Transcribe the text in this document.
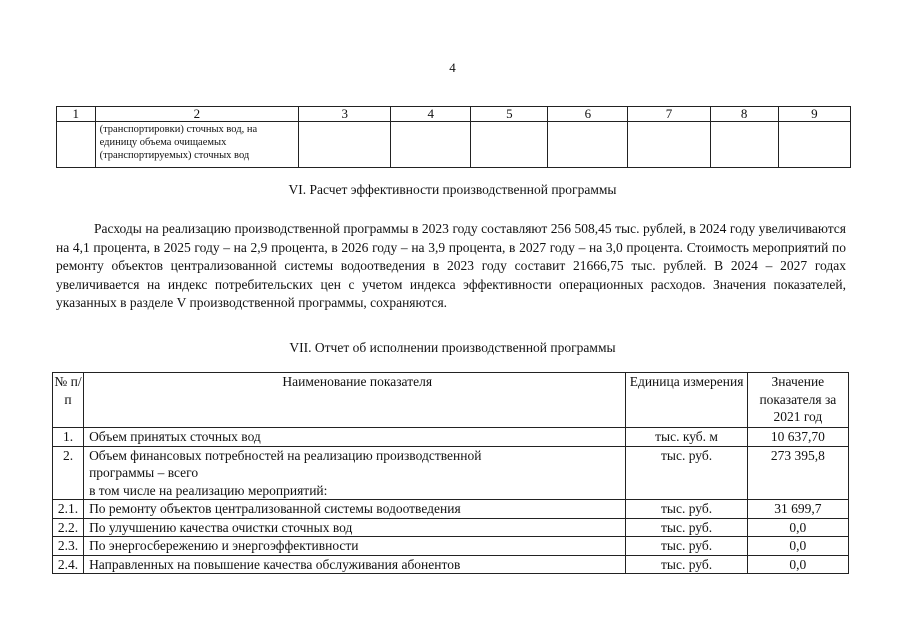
4
1	2	3	4	5	6	7	8	9

	(транспортировки) сточных вод, на
единицу объема очищаемых
(транспортируемых) сточных вод							

VI. Расчет эффективности производственной программы
Расходы на реализацию производственной программы в 2023 году составляют 256 508,45 тыс. рублей, в 2024 году увеличиваются на 4,1 процента, в 2025 году – на 2,9 процента, в 2026 году – на 3,9 процента, в 2027 году – на 3,0 процента. Стоимость мероприятий по ремонту объектов централизованной системы водоотведения в 2023 году составит 21666,75 тыс. рублей. В 2024 – 2027 годах увеличивается на индекс потребительских цен с учетом индекса эффективности операционных расходов. Значения показателей, указанных в разделе V производственной программы, сохраняются.
VII. Отчет об исполнении производственной программы
№ п/п	Наименование показателя	Единица измерения	Значение показателя за 2021 год
1.	Объем принятых сточных вод	тыс. куб. м	10 637,70
2.	Объем финансовых потребностей на реализацию производственной программы – всего
в том числе на реализацию мероприятий:	тыс. руб.	273 395,8
2.1.	По ремонту объектов централизованной системы водоотведения	тыс. руб.	31 699,7
2.2.	По улучшению качества очистки сточных вод	тыс. руб.	0,0
2.3.	По энергосбережению и энергоэффективности	тыс. руб.	0,0
2.4.	Направленных на повышение качества обслуживания абонентов	тыс. руб.	0,0
